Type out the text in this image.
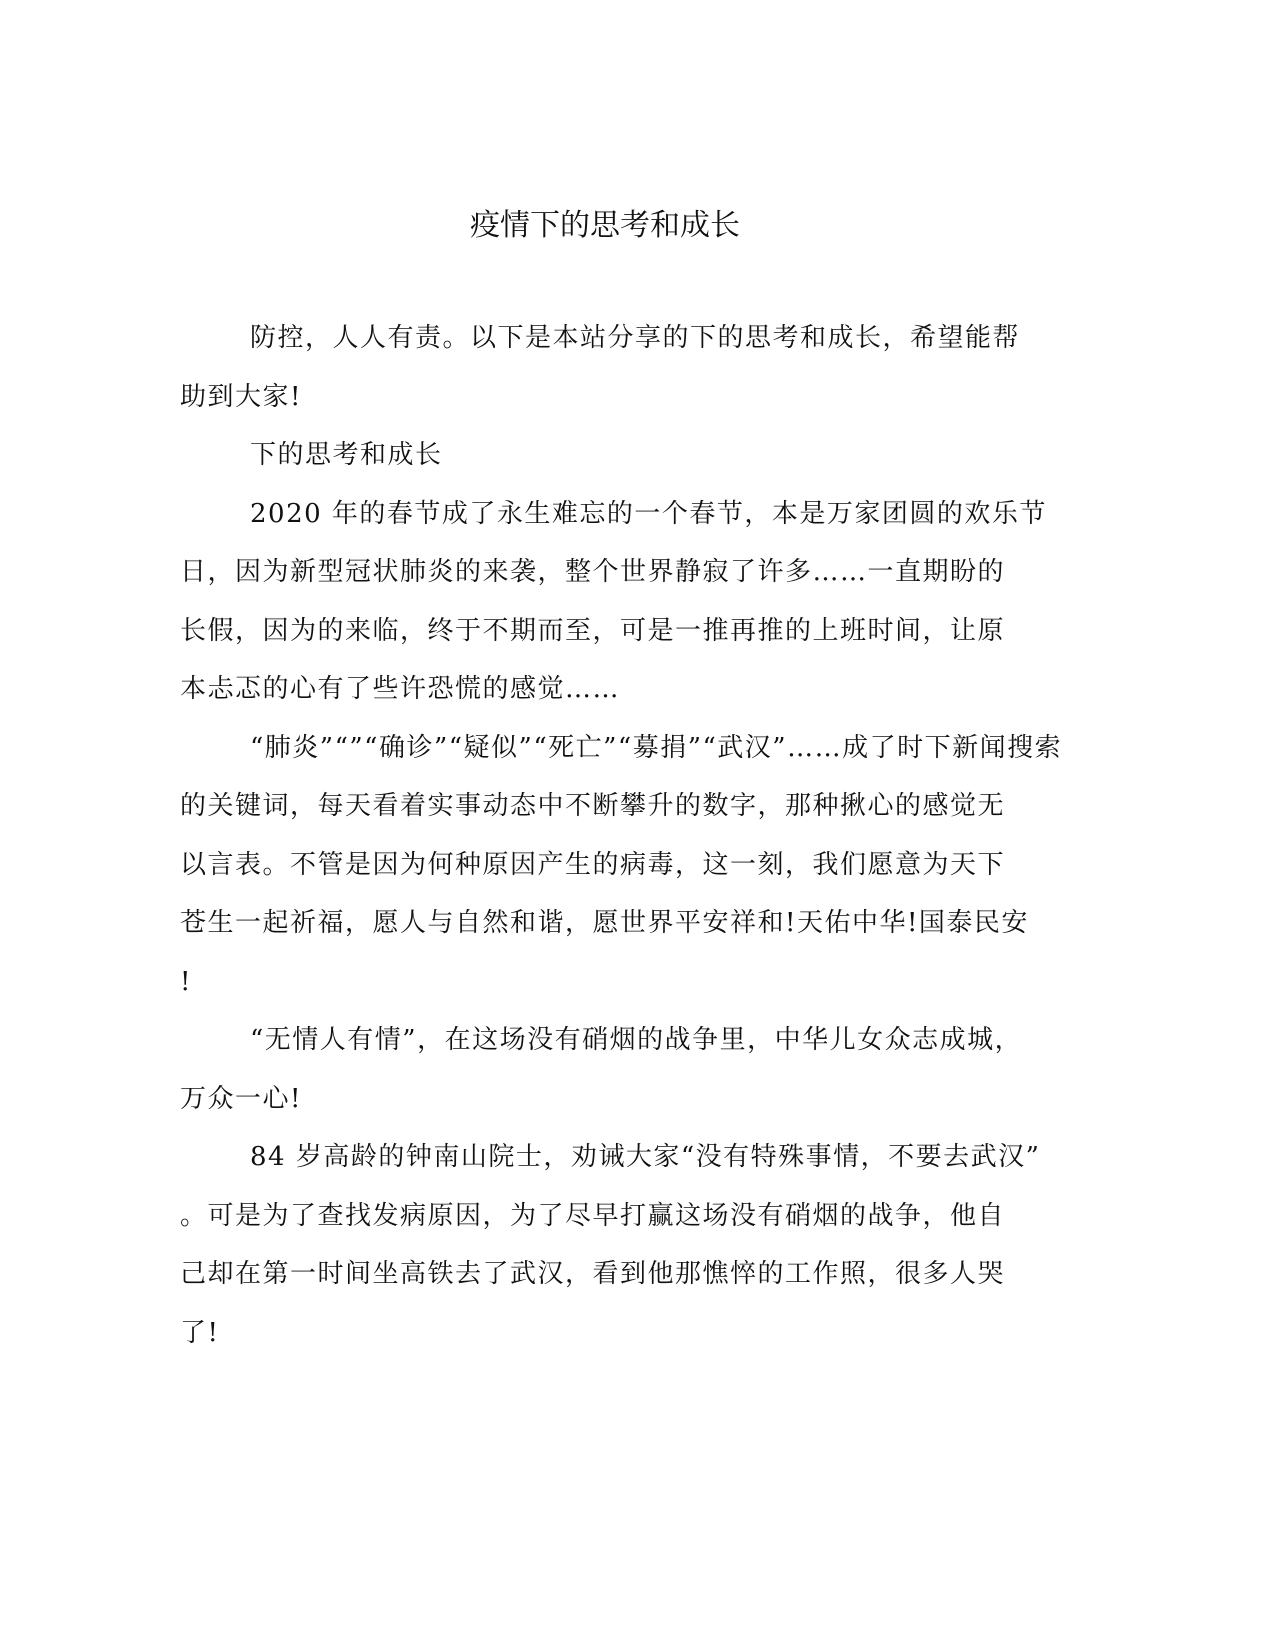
疫情下的思考和成长
防控，人人有责。以下是本站分享的下的思考和成长，希望能帮
助到大家!
下的思考和成长
2020 年的春节成了永生难忘的一个春节，本是万家团圆的欢乐节
日，因为新型冠状肺炎的来袭，整个世界静寂了许多……一直期盼的
长假，因为的来临，终于不期而至，可是一推再推的上班时间，让原
本忐忑的心有了些许恐慌的感觉……
“肺炎”“”“确诊”“疑似”“死亡”“募捐”“武汉”……成了时下新闻搜索
的关键词，每天看着实事动态中不断攀升的数字，那种揪心的感觉无
以言表。不管是因为何种原因产生的病毒，这一刻，我们愿意为天下
苍生一起祈福，愿人与自然和谐，愿世界平安祥和!天佑中华!国泰民安
!
“无情人有情”，在这场没有硝烟的战争里，中华儿女众志成城，
万众一心!
84 岁高龄的钟南山院士，劝诫大家“没有特殊事情，不要去武汉”
。可是为了查找发病原因，为了尽早打赢这场没有硝烟的战争，他自
己却在第一时间坐高铁去了武汉，看到他那憔悴的工作照，很多人哭
了!
